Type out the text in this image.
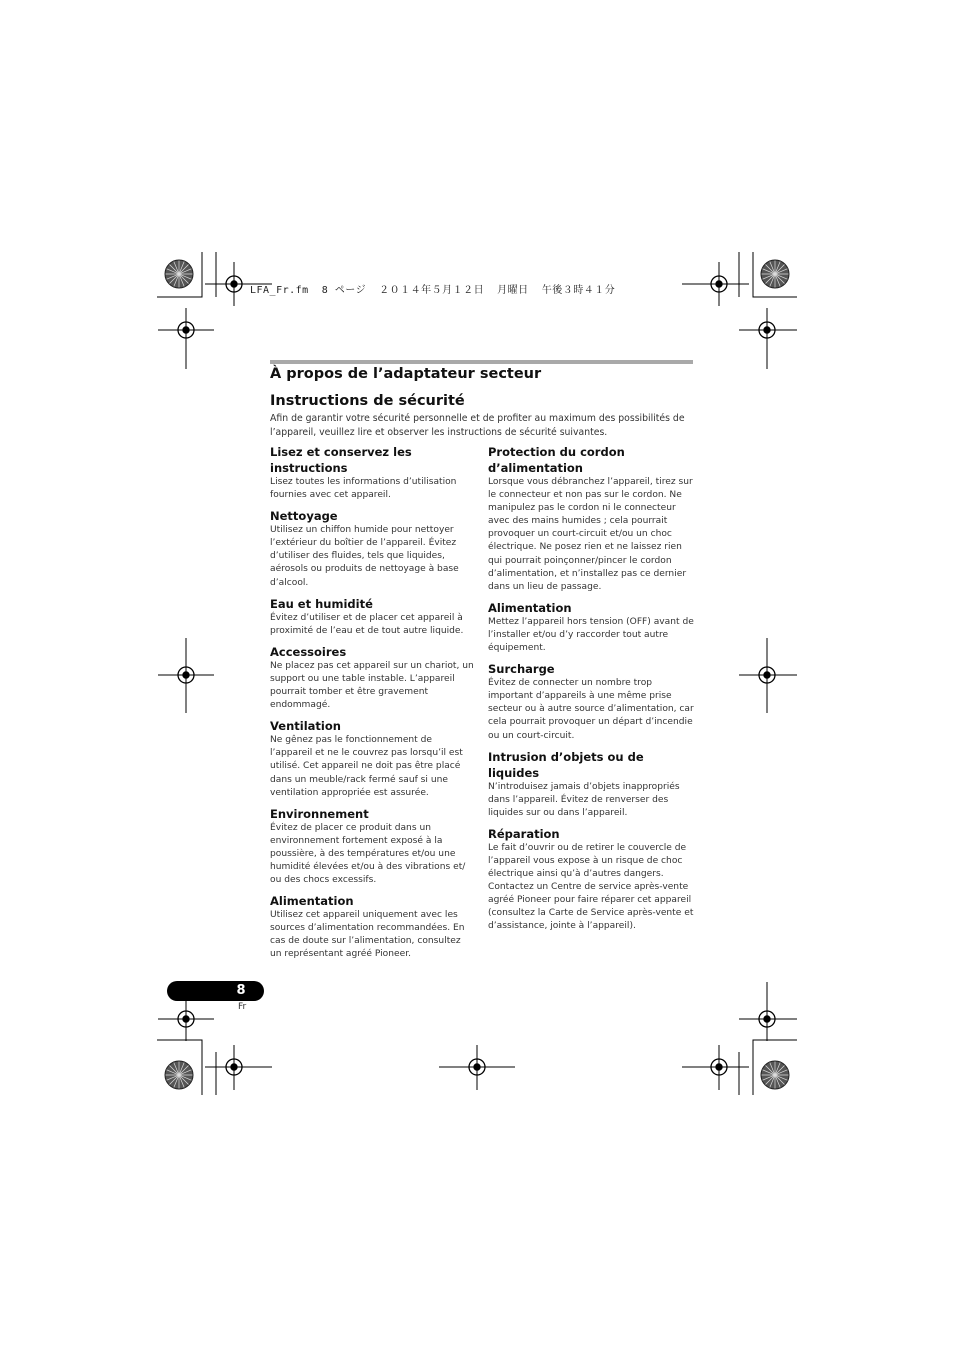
LFA_Fr.fm  8 ページ  ２０１４年５月１２日  月曜日  午後３時４１分
À propos de l’adaptateur secteur
Instructions de sécurité
Afin de garantir votre sécurité personnelle et de profiter au maximum des possibilités de l’appareil, veuillez lire et observer les instructions de sécurité suivantes.
Lisez et conservez les instructions

Lisez toutes les informations d’utilisation fournies avec cet appareil.

Nettoyage

Utilisez un chiffon humide pour nettoyer l’extérieur du boîtier de l’appareil. Évitez d’utiliser des fluides, tels que liquides, aérosols ou produits de nettoyage à base d’alcool.

Eau et humidité

Évitez d’utiliser et de placer cet appareil à proximité de l’eau et de tout autre liquide.

Accessoires

Ne placez pas cet appareil sur un chariot, un support ou une table instable. L’appareil pourrait tomber et être gravement endommagé.

Ventilation

Ne gênez pas le fonctionnement de l’appareil et ne le couvrez pas lorsqu’il est utilisé. Cet appareil ne doit pas être placé dans un meuble/rack fermé sauf si une ventilation appropriée est assurée.

Environnement

Évitez de placer ce produit dans un environnement fortement exposé à la poussière, à des températures et/ou une humidité élevées et/ou à des vibrations et/ ou des chocs excessifs.

Alimentation

Utilisez cet appareil uniquement avec les sources d’alimentation recommandées. En cas de doute sur l’alimentation, consultez un représentant agréé Pioneer.

Protection du cordon d’alimentation

Lorsque vous débranchez l’appareil, tirez sur le connecteur et non pas sur le cordon. Ne manipulez pas le cordon ni le connecteur avec des mains humides ; cela pourrait provoquer un court-circuit et/ou un choc électrique. Ne posez rien et ne laissez rien qui pourrait poinçonner/pincer le cordon d’alimentation, et n’installez pas ce dernier dans un lieu de passage.

Alimentation

Mettez l’appareil hors tension (OFF) avant de l’installer et/ou d’y raccorder tout autre équipement.

Surcharge

Évitez de connecter un nombre trop important d’appareils à une même prise secteur ou à autre source d’alimentation, car cela pourrait provoquer un départ d’incendie ou un court-circuit.

Intrusion d’objets ou de liquides

N’introduisez jamais d’objets inappropriés dans l’appareil. Évitez de renverser des liquides sur ou dans l’appareil.

Réparation

Le fait d’ouvrir ou de retirer le couvercle de l’appareil vous expose à un risque de choc électrique ainsi qu’à d’autres dangers. Contactez un Centre de service après-vente agréé Pioneer pour faire réparer cet appareil (consultez la Carte de Service après-vente et d’assistance, jointe à l’appareil).

8
Fr
